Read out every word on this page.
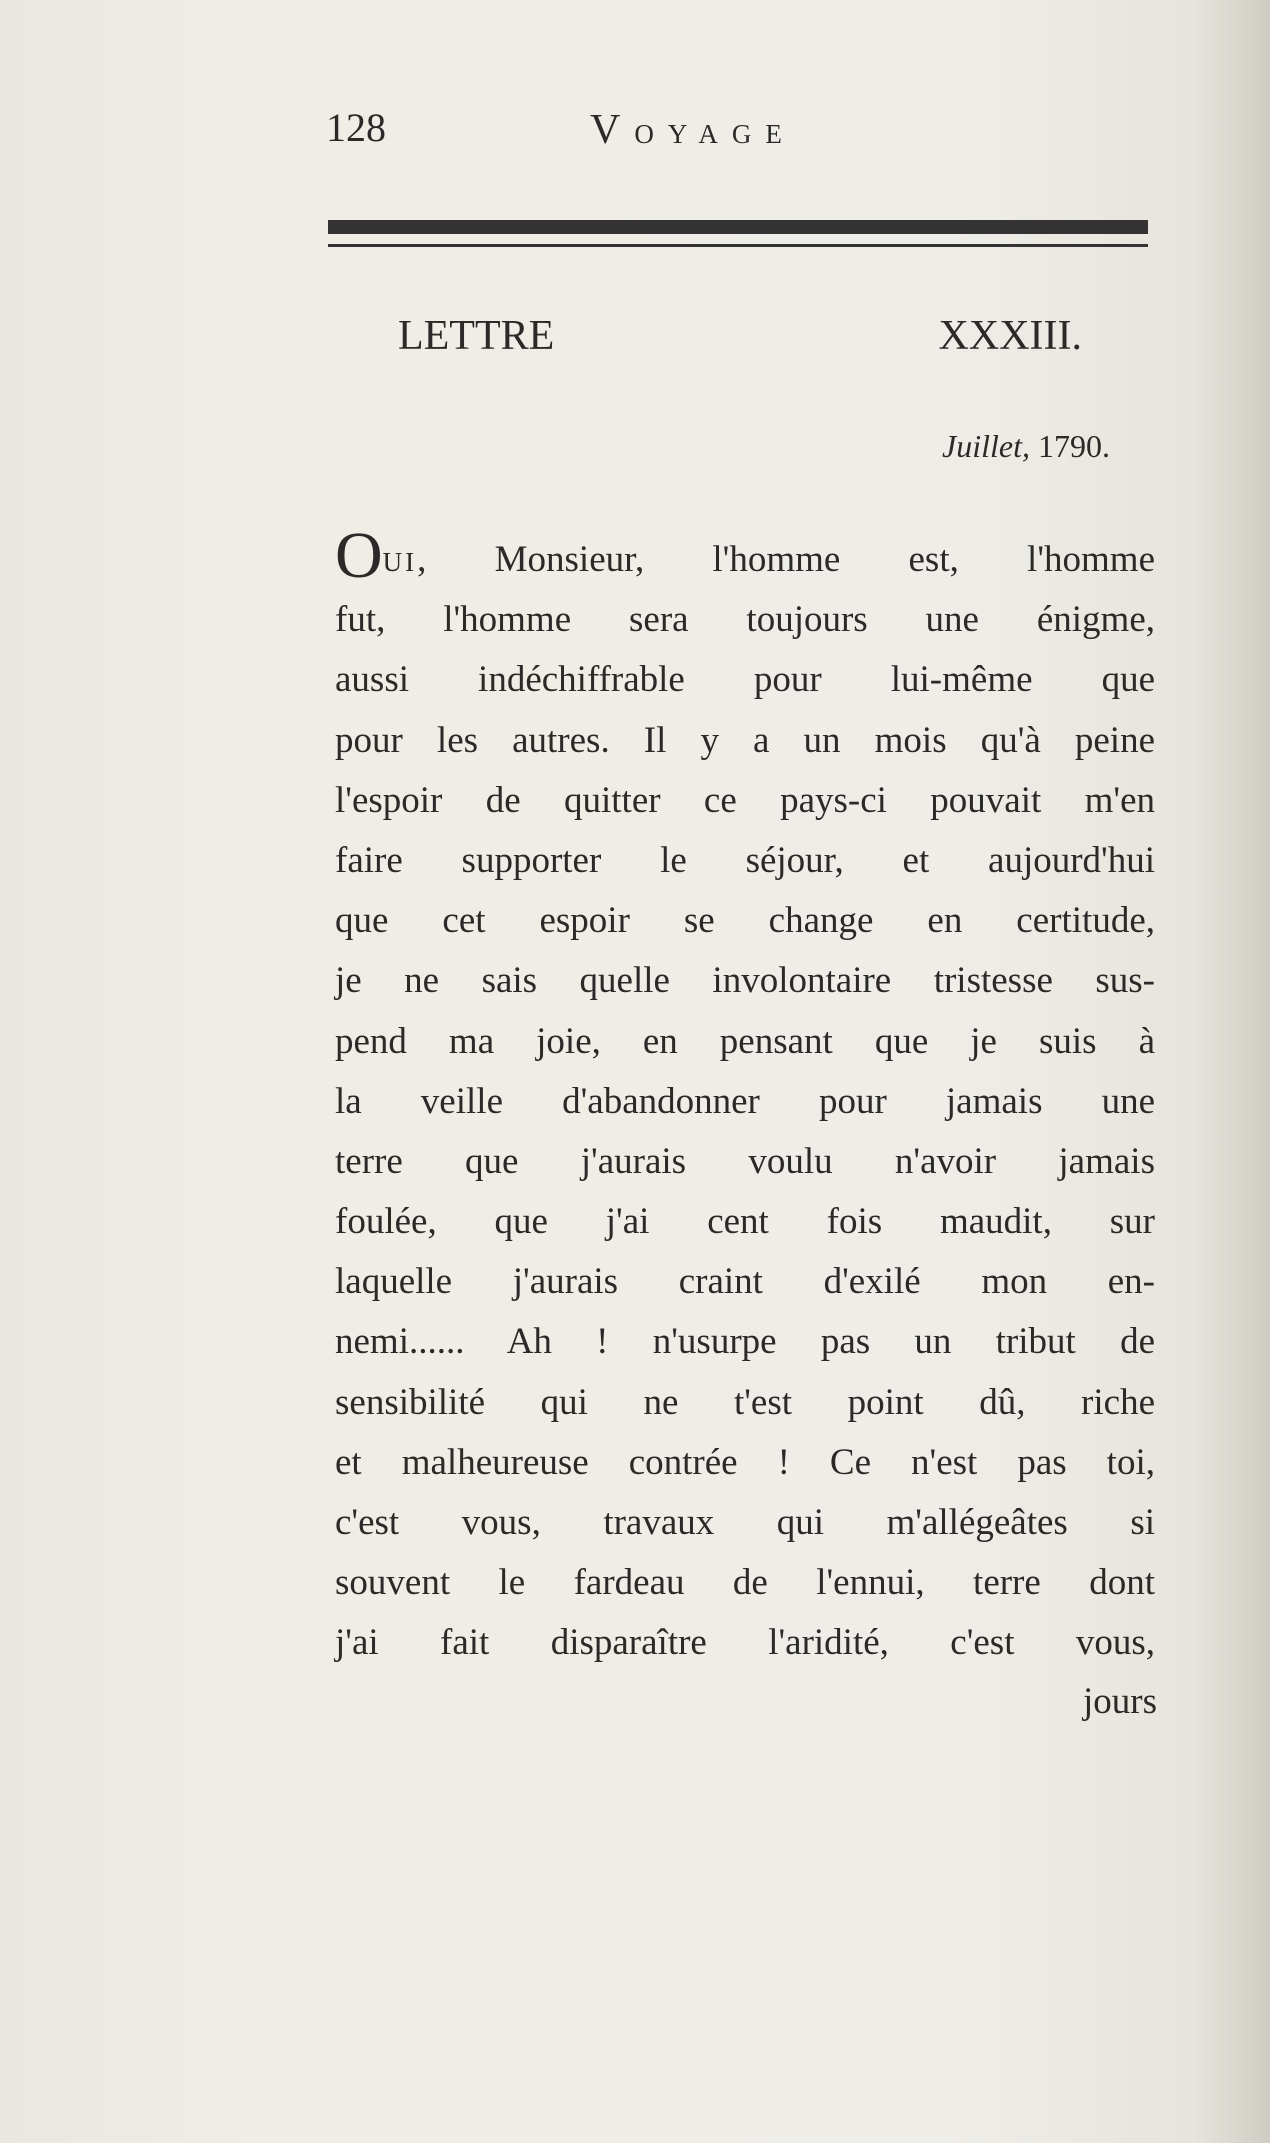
128	VOYAGE
LETTRE XXXIII.
Juillet, 1790.
OUI, Monsieur, l'homme est, l'homme
fut, l'homme sera toujours une énigme,
aussi indéchiffrable pour lui-même que
pour les autres. Il y a un mois qu'à peine
l'espoir de quitter ce pays-ci pouvait m'en
faire supporter le séjour, et aujourd'hui
que cet espoir se change en certitude,
je ne sais quelle involontaire tristesse sus-
pend ma joie, en pensant que je suis à
la veille d'abandonner pour jamais une
terre que j'aurais voulu n'avoir jamais
foulée, que j'ai cent fois maudit, sur
laquelle j'aurais craint d'exilé mon en-
nemi...... Ah ! n'usurpe pas un tribut de
sensibilité qui ne t'est point dû, riche
et malheureuse contrée ! Ce n'est pas toi,
c'est vous, travaux qui m'allégeâtes si
souvent le fardeau de l'ennui, terre dont
j'ai fait disparaître l'aridité, c'est vous,
jours
